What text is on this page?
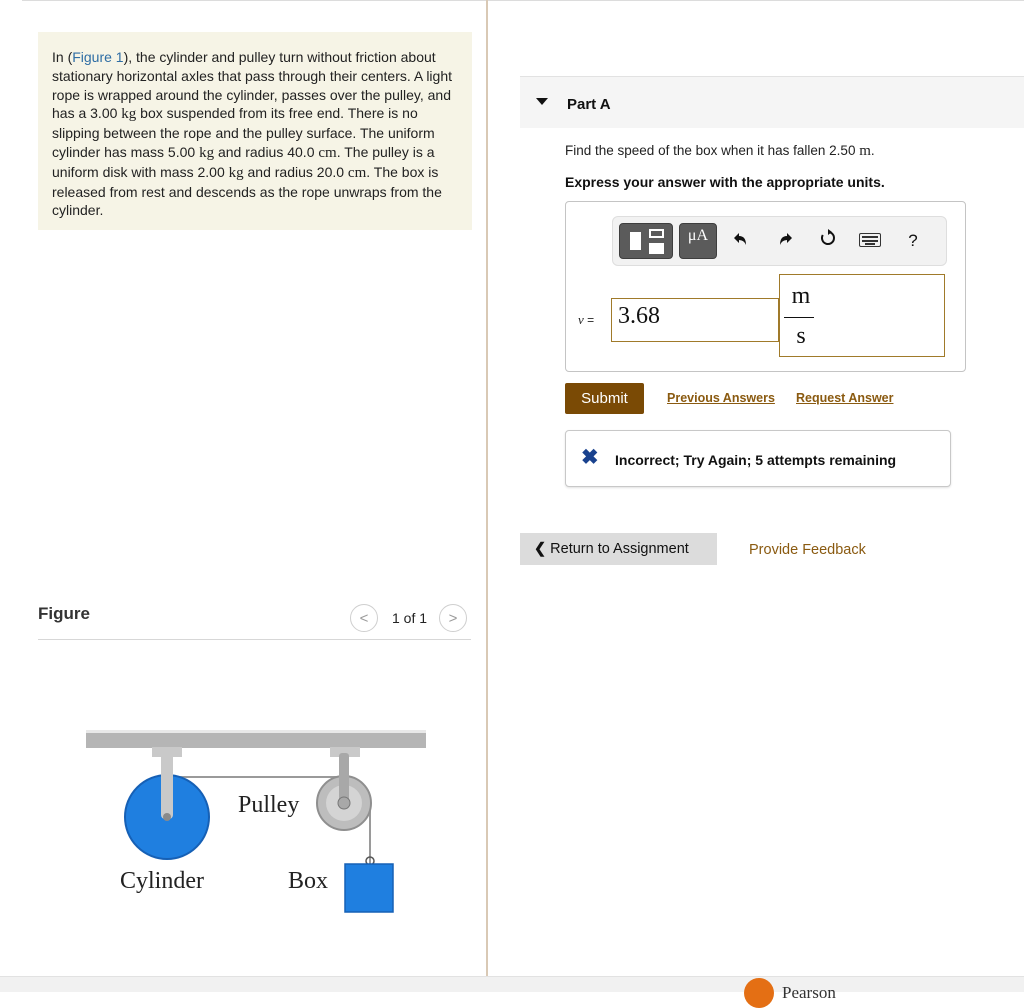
In (Figure 1), the cylinder and pulley turn without friction about stationary horizontal axles that pass through their centers. A light rope is wrapped around the cylinder, passes over the pulley, and has a 3.00 kg box suspended from its free end. There is no slipping between the rope and the pulley surface. The uniform cylinder has mass 5.00 kg and radius 40.0 cm. The pulley is a uniform disk with mass 2.00 kg and radius 20.0 cm. The box is released from rest and descends as the rope unwraps from the cylinder.
Figure	< 1 of 1 >
Pulley
Cylinder	Box
Part A
Find the speed of the box when it has fallen 2.50 m.
Express your answer with the appropriate units.
μA	?
v = 3.68
m
s
Submit	Previous Answers Request Answer
✖ Incorrect; Try Again; 5 attempts remaining
❮ Return to Assignment	Provide Feedback
Pearson
